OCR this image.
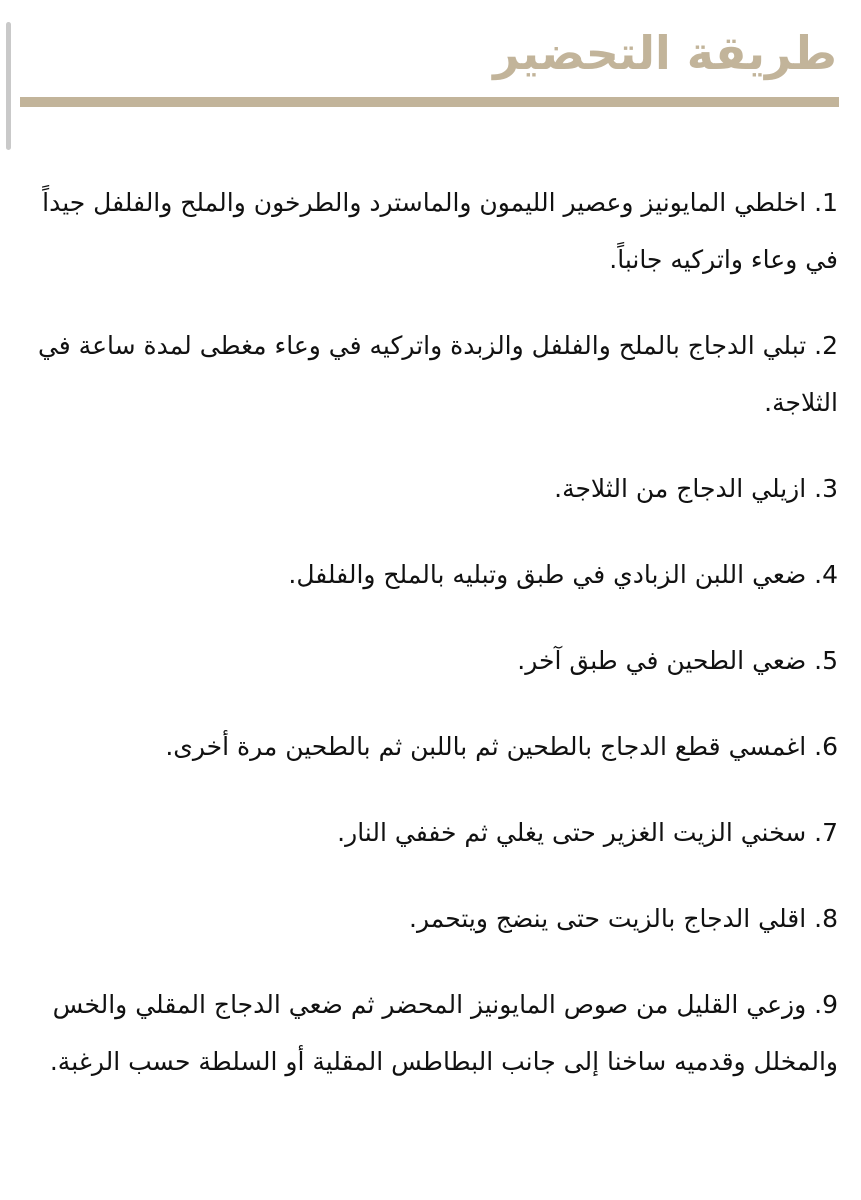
طريقة التحضير
1. اخلطي المايونيز وعصير الليمون والماسترد والطرخون والملح والفلفل جيداً في وعاء واتركيه جانباً.
2. تبلي الدجاج بالملح والفلفل والزبدة واتركيه في وعاء مغطى لمدة ساعة في الثلاجة.
3. ازيلي الدجاج من الثلاجة.
4. ضعي اللبن الزبادي في طبق وتبليه بالملح والفلفل.
5. ضعي الطحين في طبق آخر.
6. اغمسي قطع الدجاج بالطحين ثم باللبن ثم بالطحين مرة أخرى.
7. سخني الزيت الغزير حتى يغلي ثم خففي النار.
8. اقلي الدجاج بالزيت حتى ينضج ويتحمر.
9. وزعي القليل من صوص المايونيز المحضر ثم ضعي الدجاج المقلي والخس والمخلل وقدميه ساخنا إلى جانب البطاطس المقلية أو السلطة حسب الرغبة.
